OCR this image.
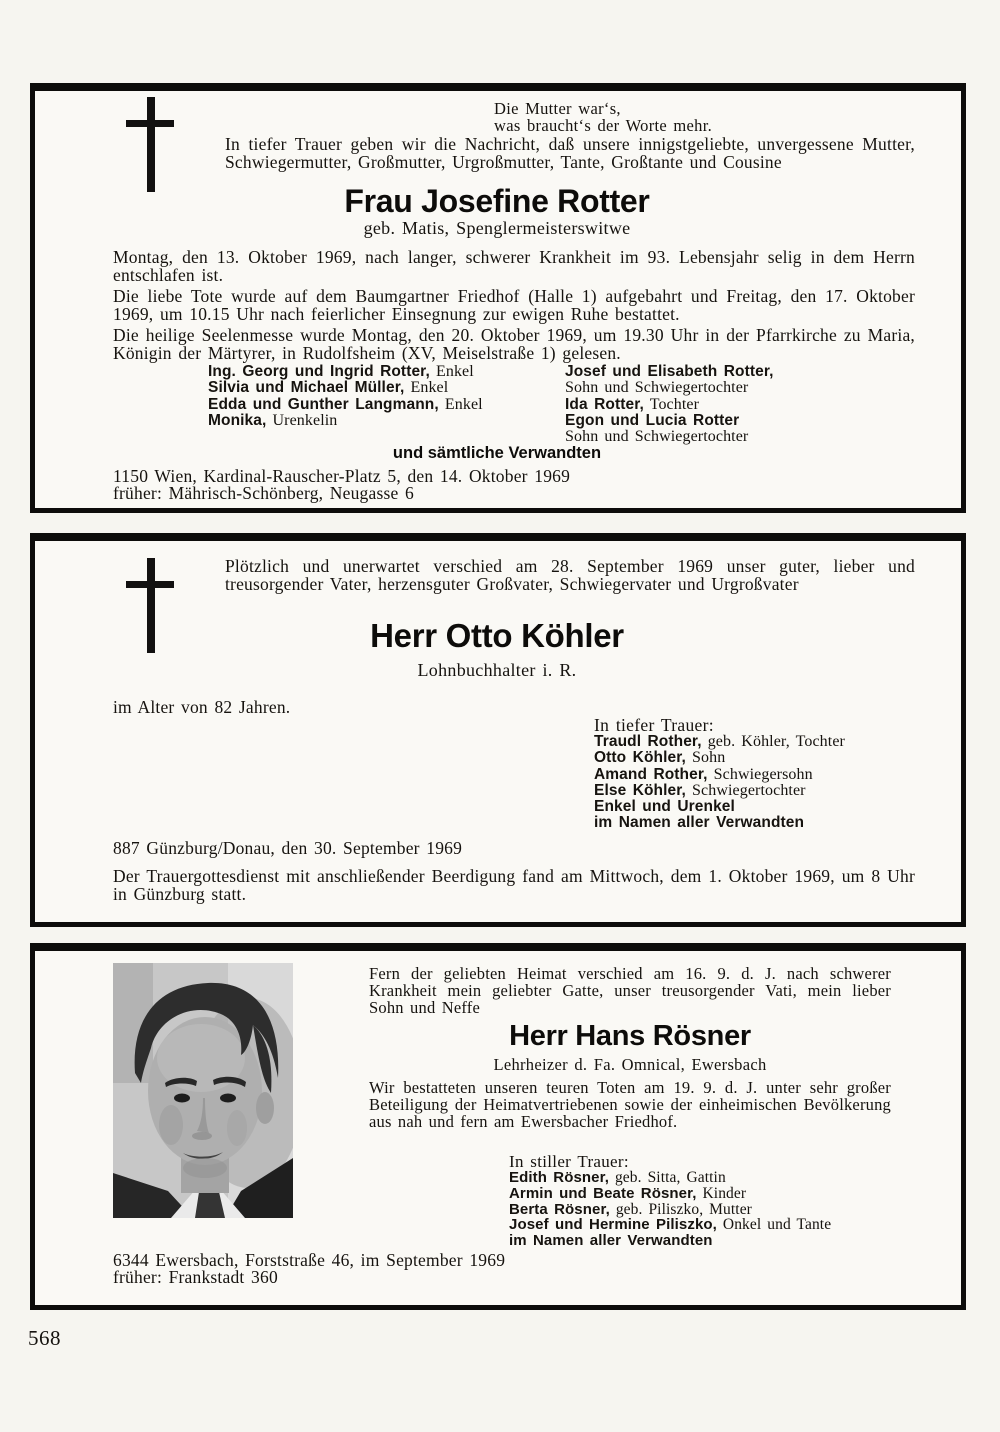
Die Mutter war‘s,
was braucht‘s der Worte mehr.
In tiefer Trauer geben wir die Nachricht, daß unsere innigstgeliebte, unvergessene Mutter, Schwiegermutter, Großmutter, Urgroßmutter, Tante, Großtante und Cousine
Frau Josefine Rotter
geb. Matis, Spenglermeisterswitwe

Montag, den 13. Oktober 1969, nach langer, schwerer Krankheit im 93. Lebensjahr selig in dem Herrn entschlafen ist.

Die liebe Tote wurde auf dem Baumgartner Friedhof (Halle 1) aufgebahrt und Freitag, den 17. Oktober 1969, um 10.15 Uhr nach feierlicher Einsegnung zur ewigen Ruhe bestattet.

Die heilige Seelenmesse wurde Montag, den 20. Oktober 1969, um 19.30 Uhr in der Pfarrkirche zu Maria, Königin der Märtyrer, in Rudolfsheim (XV, Meiselstraße 1) gelesen.

Ing. Georg und Ingrid Rotter, Enkel
Silvia und Michael Müller, Enkel
Edda und Gunther Langmann, Enkel
Monika, Urenkelin
Josef und Elisabeth Rotter,
Sohn und Schwiegertochter
Ida Rotter, Tochter
Egon und Lucia Rotter
Sohn und Schwiegertochter
und sämtliche Verwandten
1150 Wien, Kardinal-Rauscher-Platz 5, den 14. Oktober 1969
früher: Mährisch-Schönberg, Neugasse 6
Plötzlich und unerwartet verschied am 28. September 1969 unser guter, lieber und treusorgender Vater, herzensguter Großvater, Schwiegervater und Urgroßvater
Herr Otto Köhler
Lohnbuchhalter i. R.
im Alter von 82 Jahren.
In tiefer Trauer:
Traudl Rother, geb. Köhler, Tochter
Otto Köhler, Sohn
Amand Rother, Schwiegersohn
Else Köhler, Schwiegertochter
Enkel und Urenkel
im Namen aller Verwandten
887 Günzburg/Donau, den 30. September 1969
Der Trauergottesdienst mit anschließender Beerdigung fand am Mittwoch, dem 1. Oktober 1969, um 8 Uhr in Günzburg statt.
Fern der geliebten Heimat verschied am 16. 9. d. J. nach schwerer Krankheit mein geliebter Gatte, unser treusorgender Vati, mein lieber Sohn und Neffe
Herr Hans Rösner
Lehrheizer d. Fa. Omnical, Ewersbach
Wir bestatteten unseren teuren Toten am 19. 9. d. J. unter sehr großer Beteiligung der Heimatvertriebenen sowie der einheimischen Bevölkerung aus nah und fern am Ewersbacher Friedhof.
In stiller Trauer:
Edith Rösner, geb. Sitta, Gattin
Armin und Beate Rösner, Kinder
Berta Rösner, geb. Piliszko, Mutter
Josef und Hermine Piliszko, Onkel und Tante
im Namen aller Verwandten
6344 Ewersbach, Forststraße 46, im September 1969
früher: Frankstadt 360
568
